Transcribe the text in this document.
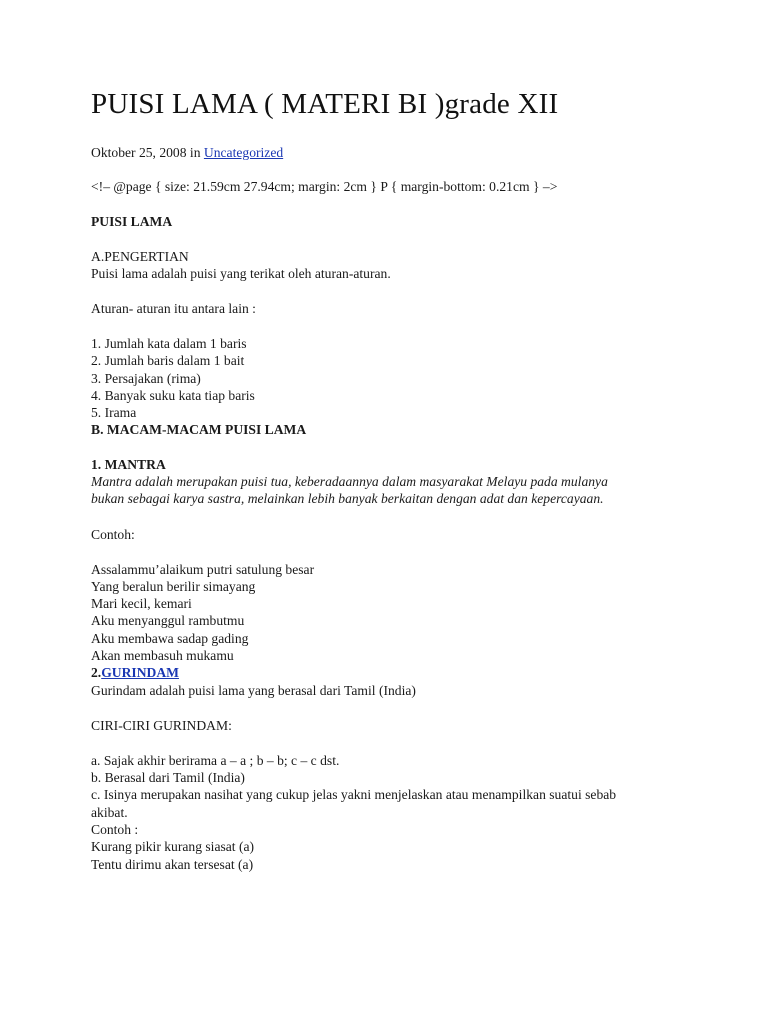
PUISI LAMA ( MATERI BI )grade XII
Oktober 25, 2008 in Uncategorized
<!– @page { size: 21.59cm 27.94cm; margin: 2cm } P { margin-bottom: 0.21cm } –>
PUISI LAMA
A.PENGERTIAN
Puisi lama adalah puisi yang terikat oleh aturan-aturan.
Aturan- aturan itu antara lain :
1. Jumlah kata dalam 1 baris
2. Jumlah baris dalam 1 bait
3. Persajakan (rima)
4. Banyak suku kata tiap baris
5. Irama
B. MACAM-MACAM PUISI LAMA
1. MANTRA
Mantra adalah merupakan puisi tua, keberadaannya dalam masyarakat Melayu pada mulanya
bukan sebagai karya sastra, melainkan lebih banyak berkaitan dengan adat dan kepercayaan.
Contoh:
Assalammu’alaikum putri satulung besar
Yang beralun berilir simayang
Mari kecil, kemari
Aku menyanggul rambutmu
Aku membawa sadap gading
Akan membasuh mukamu
2.GURINDAM
Gurindam adalah puisi lama yang berasal dari Tamil (India)
CIRI-CIRI GURINDAM:
a. Sajak akhir berirama a – a ; b – b; c – c dst.
b. Berasal dari Tamil (India)
c. Isinya merupakan nasihat yang cukup jelas yakni menjelaskan atau menampilkan suatui sebab
akibat.
Contoh :
Kurang pikir kurang siasat (a)
Tentu dirimu akan tersesat (a)
